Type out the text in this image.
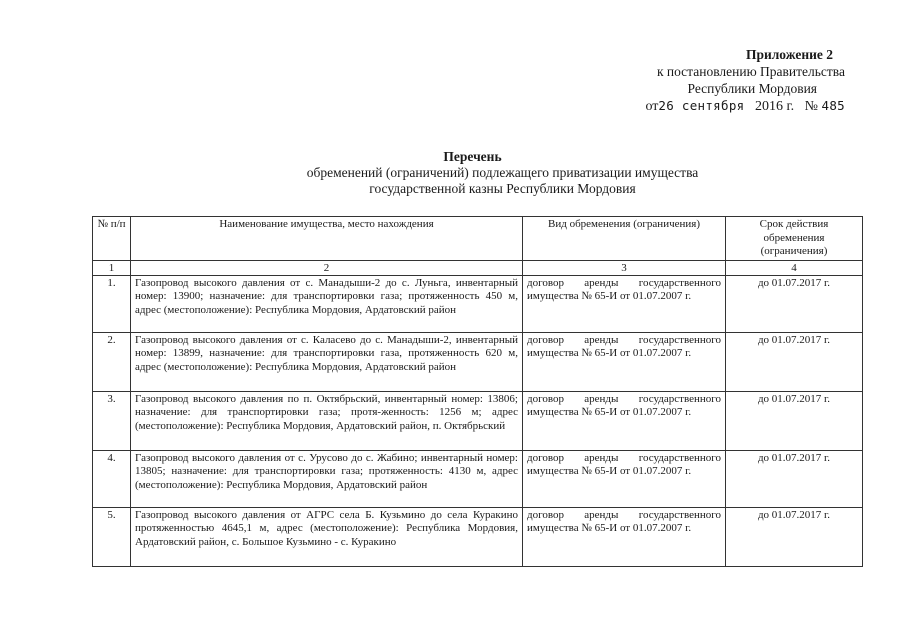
Приложение 2
к постановлению Правительства
Республики Мордовия
от26 сентября 2016 г. № 485
Перечень
обременений (ограничений) подлежащего приватизации имущества
государственной казны Республики Мордовия
№ п/п	Наименование имущества, место нахождения	Вид обременения (ограничения)	Срок действия обременения (ограничения)
1	2	3	4
1.	Газопровод высокого давления от с. Манадыши-2 до с. Луньга, инвентарный номер: 13900; назначение: для транспортировки газа; протяженность 450 м, адрес (местоположение): Республика Мордовия, Ардатовский район	договор аренды государственного имущества № 65-И от 01.07.2007 г.	до 01.07.2017 г.
2.	Газопровод высокого давления от с. Каласево до с. Манадыши-2, инвентарный номер: 13899, назначение: для транспортировки газа, протяженность 620 м, адрес (местоположение): Республика Мордовия, Ардатовский район	договор аренды государственного имущества № 65-И от 01.07.2007 г.	до 01.07.2017 г.
3.	Газопровод высокого давления по п. Октябрьский, инвентарный номер: 13806; назначение: для транспортировки газа; протя-женность: 1256 м; адрес (местоположение): Республика Мордовия, Ардатовский район, п. Октябрьский	договор аренды государственного имущества № 65-И от 01.07.2007 г.	до 01.07.2017 г.
4.	Газопровод высокого давления от с. Урусово до с. Жабино; инвентарный номер: 13805; назначение: для транспортировки газа; протяженность: 4130 м, адрес (местоположение): Республика Мордовия, Ардатовский район	договор аренды государственного имущества № 65-И от 01.07.2007 г.	до 01.07.2017 г.
5.	Газопровод высокого давления от АГРС села Б. Кузьмино до села Куракино протяженностью 4645,1 м, адрес (местоположение): Республика Мордовия, Ардатовский район, с. Большое Кузьмино - с. Куракино	договор аренды государственного имущества № 65-И от 01.07.2007 г.	до 01.07.2017 г.
